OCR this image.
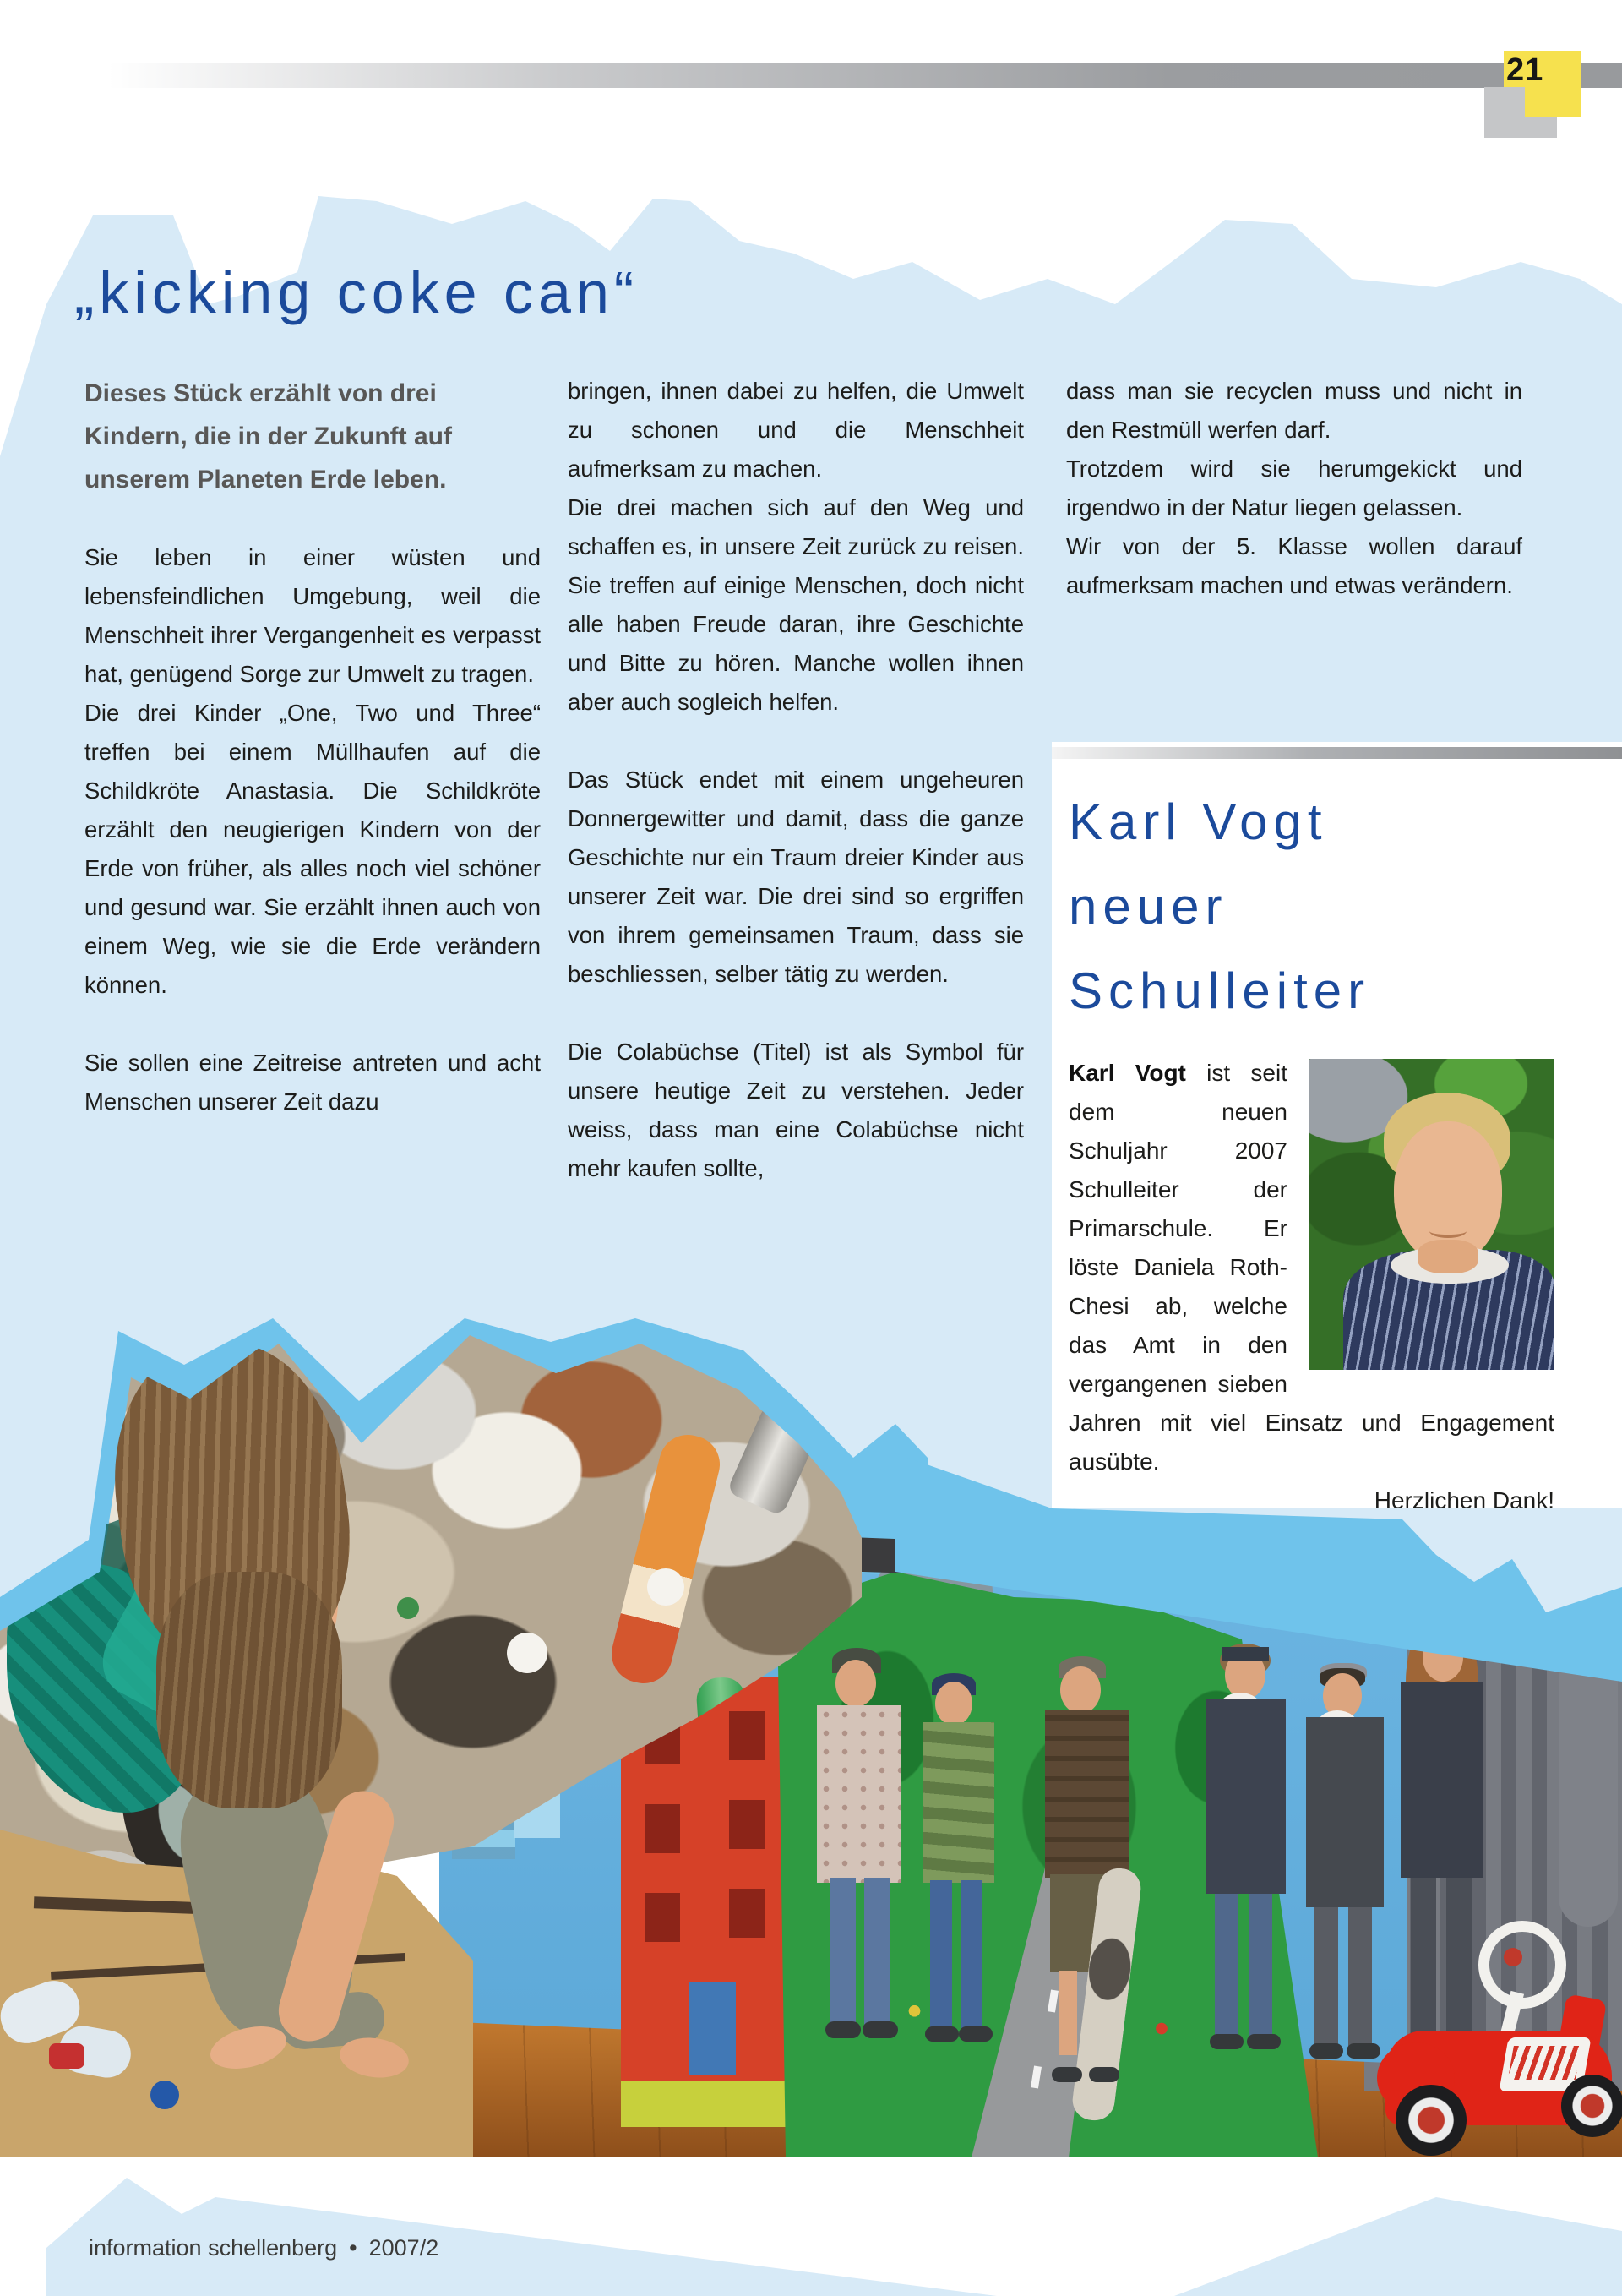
21
„kicking coke can“

Dieses Stück erzählt von drei Kindern, die in der Zukunft auf unserem Planeten Erde leben.

Sie leben in einer wüsten und lebensfeindlichen Umgebung, weil die Menschheit ihrer Vergangenheit es verpasst hat, genügend Sorge zur Umwelt zu tragen.

Die drei Kinder „One, Two und Three“ treffen bei einem Müllhaufen auf die Schildkröte Anastasia. Die Schildkröte erzählt den neugierigen Kindern von der Erde von früher, als alles noch viel schöner und gesund war. Sie erzählt ihnen auch von einem Weg, wie sie die Erde verändern können.

Sie sollen eine Zeitreise antreten und acht Menschen unserer Zeit dazu

bringen, ihnen dabei zu helfen, die Umwelt zu schonen und die Menschheit aufmerksam zu machen.

Die drei machen sich auf den Weg und schaffen es, in unsere Zeit zurück zu reisen. Sie treffen auf einige Menschen, doch nicht alle haben Freude daran, ihre Geschichte und Bitte zu hören. Manche wollen ihnen aber auch sogleich helfen.

Das Stück endet mit einem ungeheuren Donnergewitter und damit, dass die ganze Geschichte nur ein Traum dreier Kinder aus unserer Zeit war. Die drei sind so ergriffen von ihrem gemeinsamen Traum, dass sie beschliessen, selber tätig zu werden.

Die Colabüchse (Titel) ist als Symbol für unsere heutige Zeit zu verstehen. Jeder weiss, dass man eine Colabüchse nicht mehr kaufen sollte,

dass man sie recyclen muss und nicht in den Restmüll werfen darf.

Trotzdem wird sie herumgekickt und irgendwo in der Natur liegen gelassen.

Wir von der 5. Klasse wollen darauf aufmerksam machen und etwas verändern.

Karl Vogt
neuer
Schulleiter
Karl Vogt ist seit dem neuen Schuljahr 2007 Schulleiter der Primarschule. Er löste Daniela Roth-Chesi ab, welche das Amt in den vergangenen sieben Jahren mit viel Einsatz und Engagement ausübte.

Herzlichen Dank!

information schellenberg • 2007/2
